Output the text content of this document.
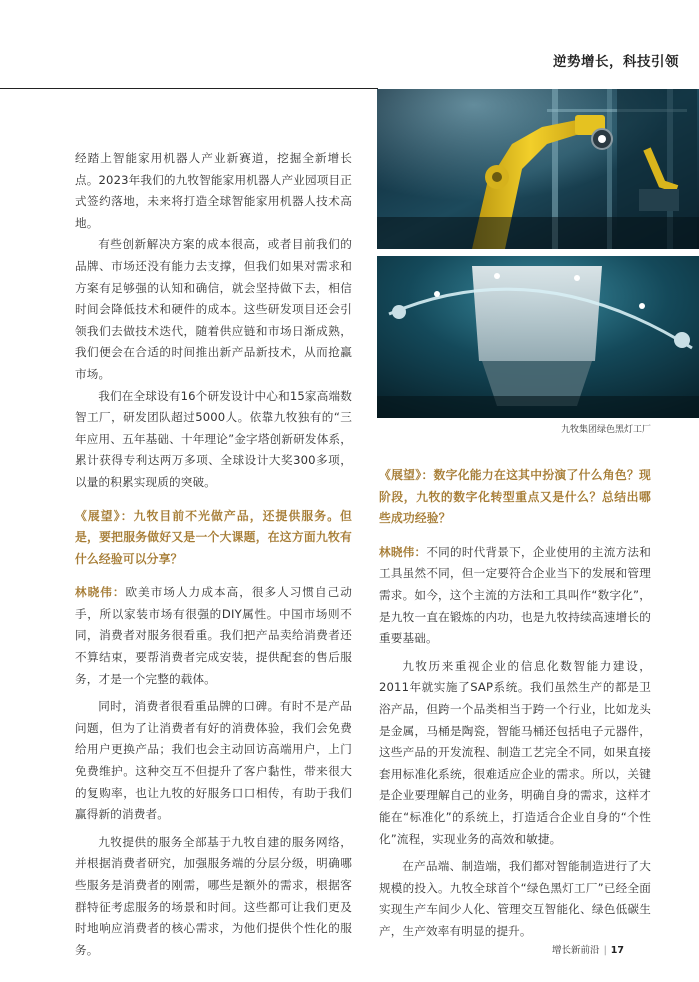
逆势增长，科技引领

经踏上智能家用机器人产业新赛道，挖掘全新增长点。2023年我们的九牧智能家用机器人产业园项目正式签约落地，未来将打造全球智能家用机器人技术高地。

有些创新解决方案的成本很高，或者目前我们的品牌、市场还没有能力去支撑，但我们如果对需求和方案有足够强的认知和确信，就会坚持做下去，相信时间会降低技术和硬件的成本。这些研发项目还会引领我们去做技术迭代，随着供应链和市场日渐成熟，我们便会在合适的时间推出新产品新技术，从而抢赢市场。

我们在全球设有16个研发设计中心和15家高端数智工厂，研发团队超过5000人。依靠九牧独有的“三年应用、五年基础、十年理论”金字塔创新研发体系，累计获得专利达两万多项、全球设计大奖300多项，以量的积累实现质的突破。

《展望》：九牧目前不光做产品，还提供服务。但是，要把服务做好又是一个大课题，在这方面九牧有什么经验可以分享？

林晓伟：欧美市场人力成本高，很多人习惯自己动手，所以家装市场有很强的DIY属性。中国市场则不同，消费者对服务很看重。我们把产品卖给消费者还不算结束，要帮消费者完成安装，提供配套的售后服务，才是一个完整的载体。

同时，消费者很看重品牌的口碑。有时不是产品问题，但为了让消费者有好的消费体验，我们会免费给用户更换产品；我们也会主动回访高端用户，上门免费维护。这种交互不但提升了客户黏性，带来很大的复购率，也让九牧的好服务口口相传，有助于我们赢得新的消费者。

九牧提供的服务全部基于九牧自建的服务网络，并根据消费者研究，加强服务端的分层分级，明确哪些服务是消费者的刚需，哪些是额外的需求，根据客群特征考虑服务的场景和时间。这些都可让我们更及时地响应消费者的核心需求，为他们提供个性化的服务。

九牧集团绿色黑灯工厂

《展望》：数字化能力在这其中扮演了什么角色？现阶段，九牧的数字化转型重点又是什么？总结出哪些成功经验？

林晓伟：不同的时代背景下，企业使用的主流方法和工具虽然不同，但一定要符合企业当下的发展和管理需求。如今，这个主流的方法和工具叫作“数字化”，是九牧一直在锻炼的内功，也是九牧持续高速增长的重要基础。

九牧历来重视企业的信息化数智能力建设，2011年就实施了SAP系统。我们虽然生产的都是卫浴产品，但跨一个品类相当于跨一个行业，比如龙头是金属，马桶是陶瓷，智能马桶还包括电子元器件，这些产品的开发流程、制造工艺完全不同，如果直接套用标准化系统，很难适应企业的需求。所以，关键是企业要理解自己的业务，明确自身的需求，这样才能在“标准化”的系统上，打造适合企业自身的“个性化”流程，实现业务的高效和敏捷。

在产品端、制造端，我们都对智能制造进行了大规模的投入。九牧全球首个“绿色黑灯工厂”已经全面实现生产车间少人化、管理交互智能化、绿色低碳生产，生产效率有明显的提升。

增长新前沿 | 17
